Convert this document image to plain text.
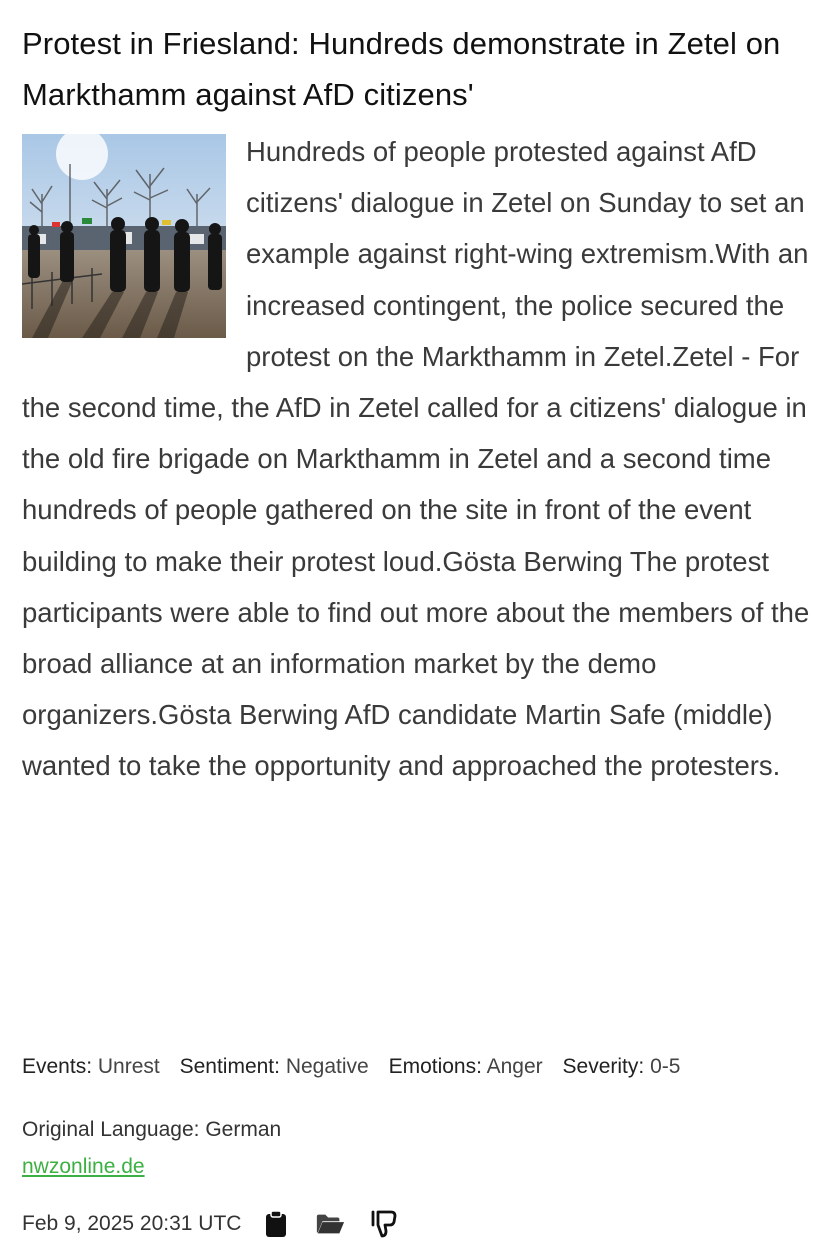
Protest in Friesland: Hundreds demonstrate in Zetel on Markthamm against AfD citizens'

Hundreds of people protested against AfD citizens' dialogue in Zetel on Sunday to set an example against right-wing extremism.With an increased contingent, the police secured the protest on the Markthamm in Zetel.Zetel - For the second time, the AfD in Zetel called for a citizens' dialogue in the old fire brigade on Markthamm in Zetel and a second time hundreds of people gathered on the site in front of the event building to make their protest loud.Gösta Berwing The protest participants were able to find out more about the members of the broad alliance at an information market by the demo organizers.Gösta Berwing AfD candidate Martin Safe (middle) wanted to take the opportunity and approached the protesters.

Events: Unrest Sentiment: Negative Emotions: Anger Severity: 0-5
Original Language: German
nwzonline.de
Feb 9, 2025 20:31 UTC
